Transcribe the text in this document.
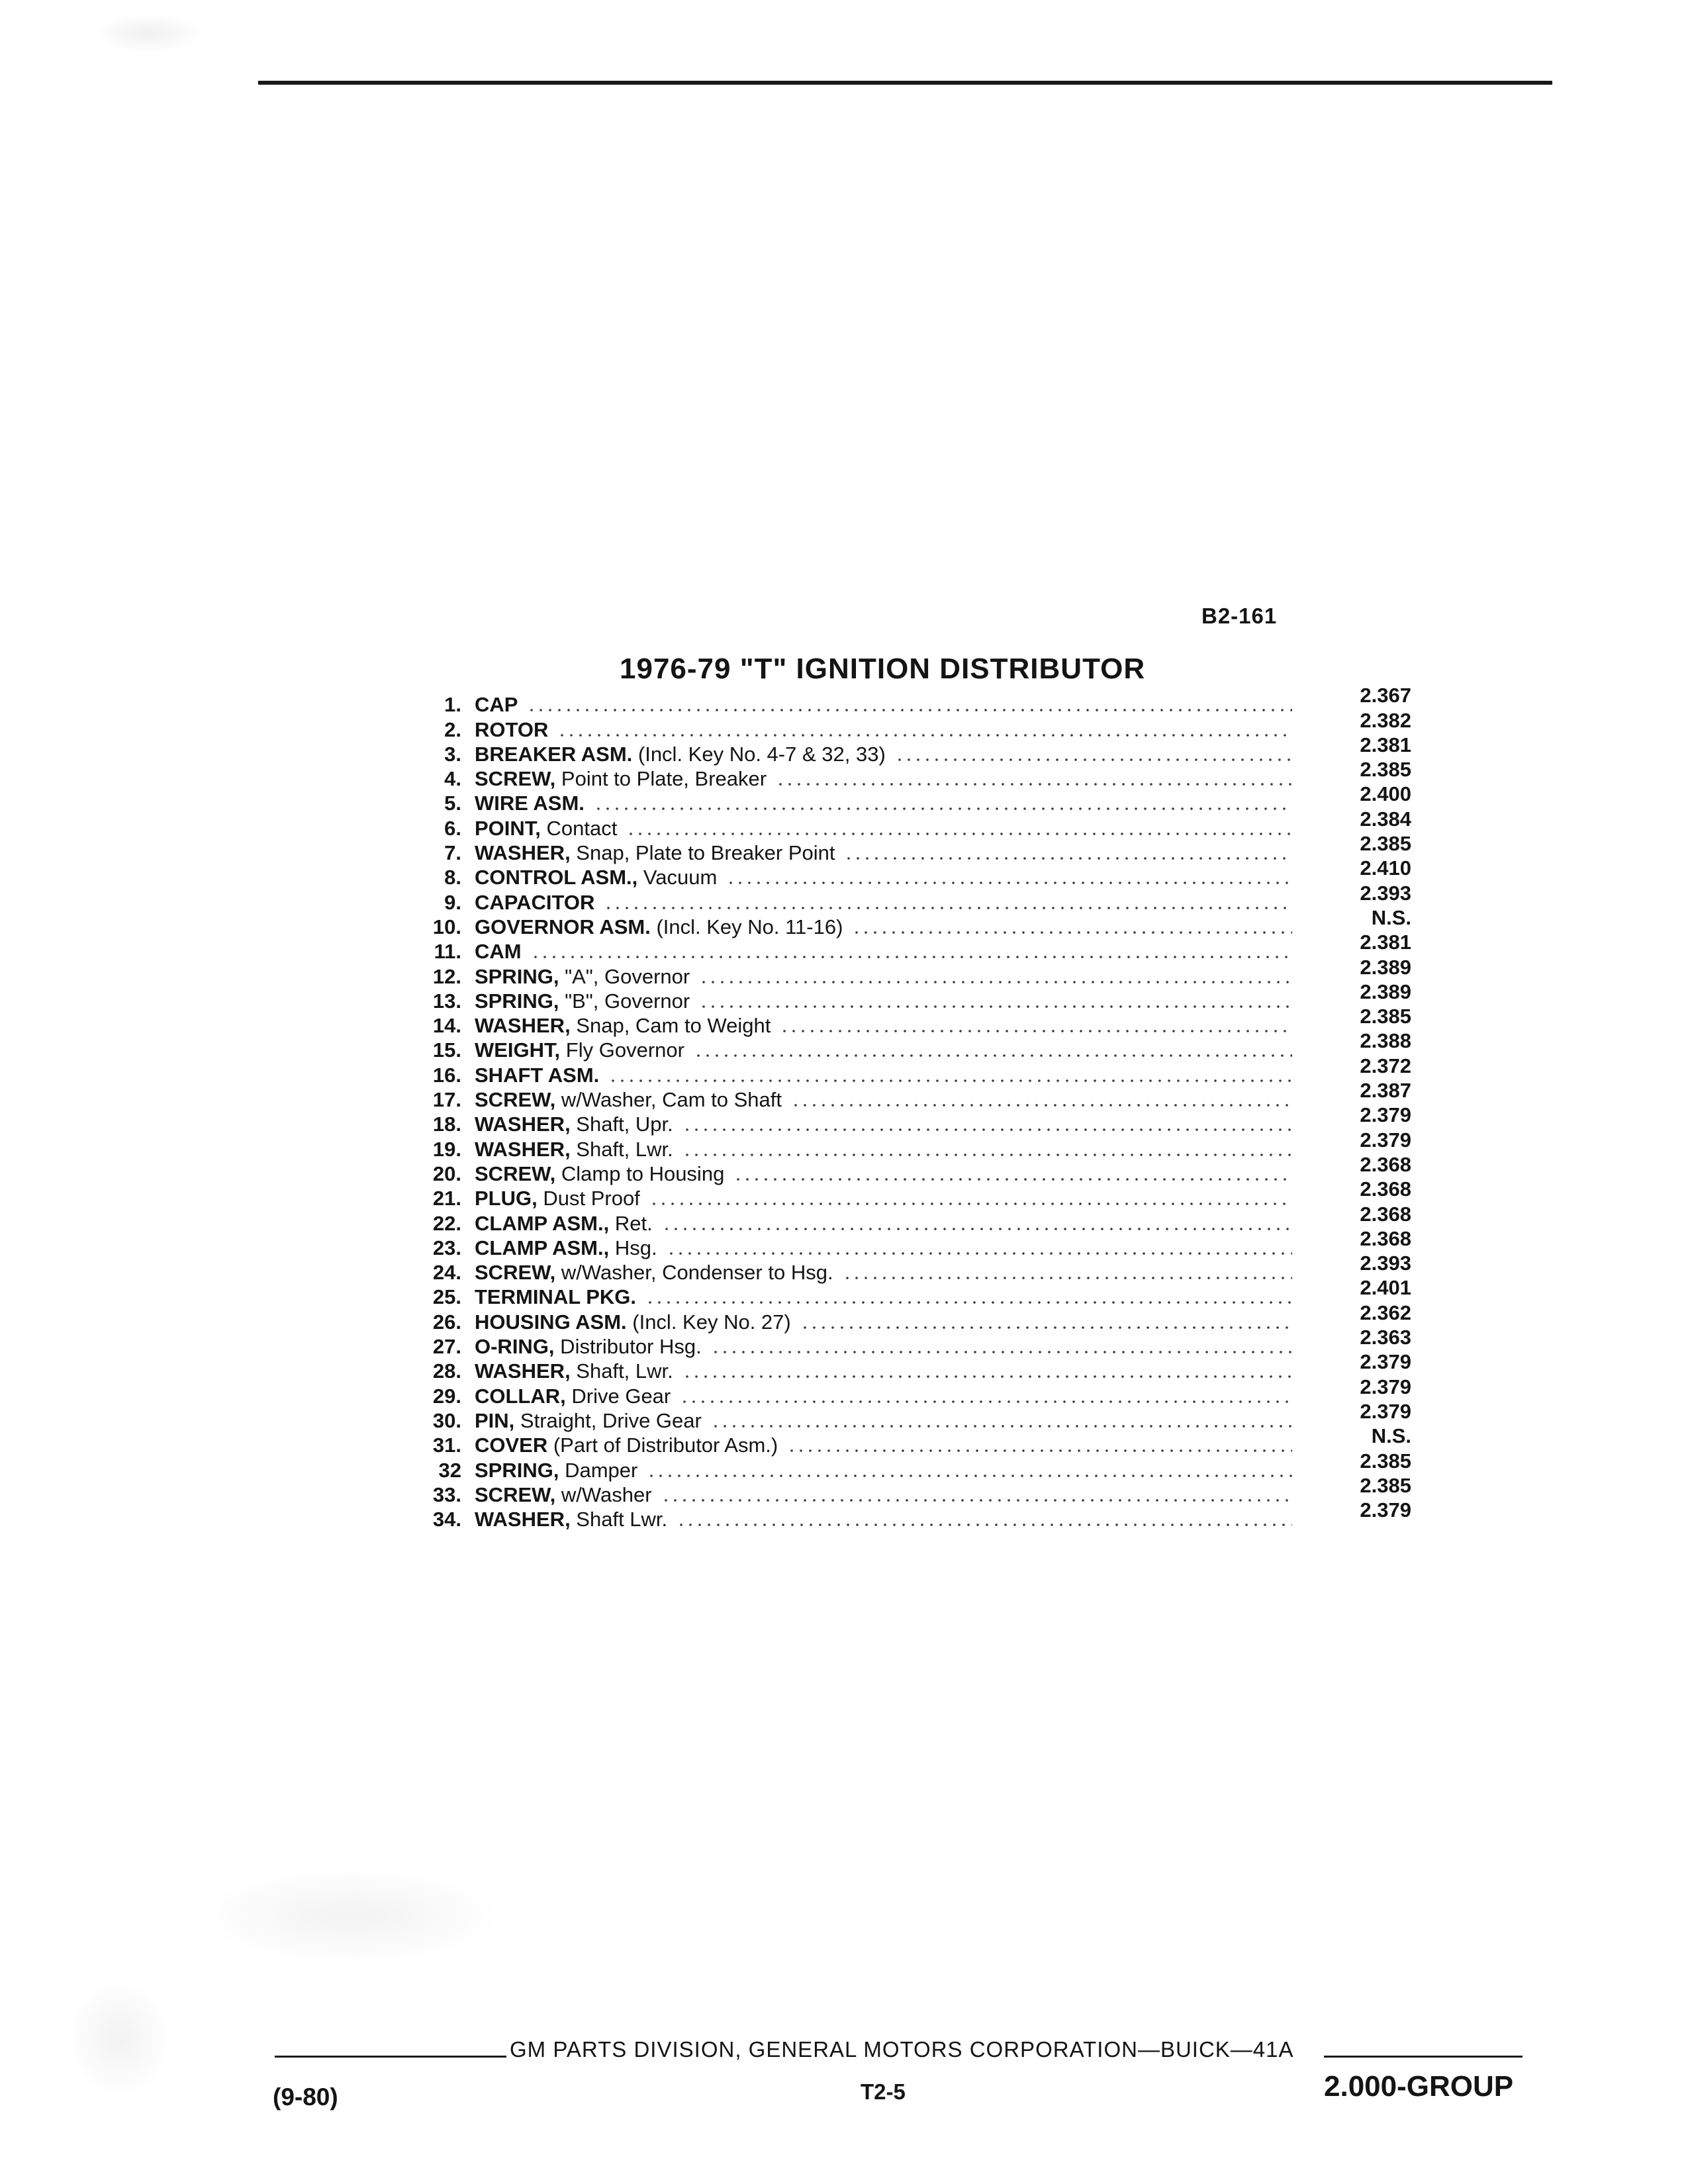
B2-161
1976-79 "T" IGNITION DISTRIBUTOR
1. CAP	2.367
2. ROTOR	2.382
3. BREAKER ASM. (Incl. Key No. 4-7 & 32, 33)	2.381
4. SCREW, Point to Plate, Breaker	2.385
5. WIRE ASM.	2.400
6. POINT, Contact	2.384
7. WASHER, Snap, Plate to Breaker Point	2.385
8. CONTROL ASM., Vacuum	2.410
9. CAPACITOR	2.393
10. GOVERNOR ASM. (Incl. Key No. 11-16)	N.S.
11. CAM	2.381
12. SPRING, "A", Governor	2.389
13. SPRING, "B", Governor	2.389
14. WASHER, Snap, Cam to Weight	2.385
15. WEIGHT, Fly Governor	2.388
16. SHAFT ASM.	2.372
17. SCREW, w/Washer, Cam to Shaft	2.387
18. WASHER, Shaft, Upr.	2.379
19. WASHER, Shaft, Lwr.	2.379
20. SCREW, Clamp to Housing	2.368
21. PLUG, Dust Proof	2.368
22. CLAMP ASM., Ret.	2.368
23. CLAMP ASM., Hsg.	2.368
24. SCREW, w/Washer, Condenser to Hsg.	2.393
25. TERMINAL PKG.	2.401
26. HOUSING ASM. (Incl. Key No. 27)	2.362
27. O-RING, Distributor Hsg.	2.363
28. WASHER, Shaft, Lwr.	2.379
29. COLLAR, Drive Gear	2.379
30. PIN, Straight, Drive Gear	2.379
31. COVER (Part of Distributor Asm.)	N.S.
32 SPRING, Damper	2.385
33. SCREW, w/Washer	2.385
34. WASHER, Shaft Lwr.	2.379
GM PARTS DIVISION, GENERAL MOTORS CORPORATION—BUICK—41A
(9-80)	T2-5	2.000-GROUP
